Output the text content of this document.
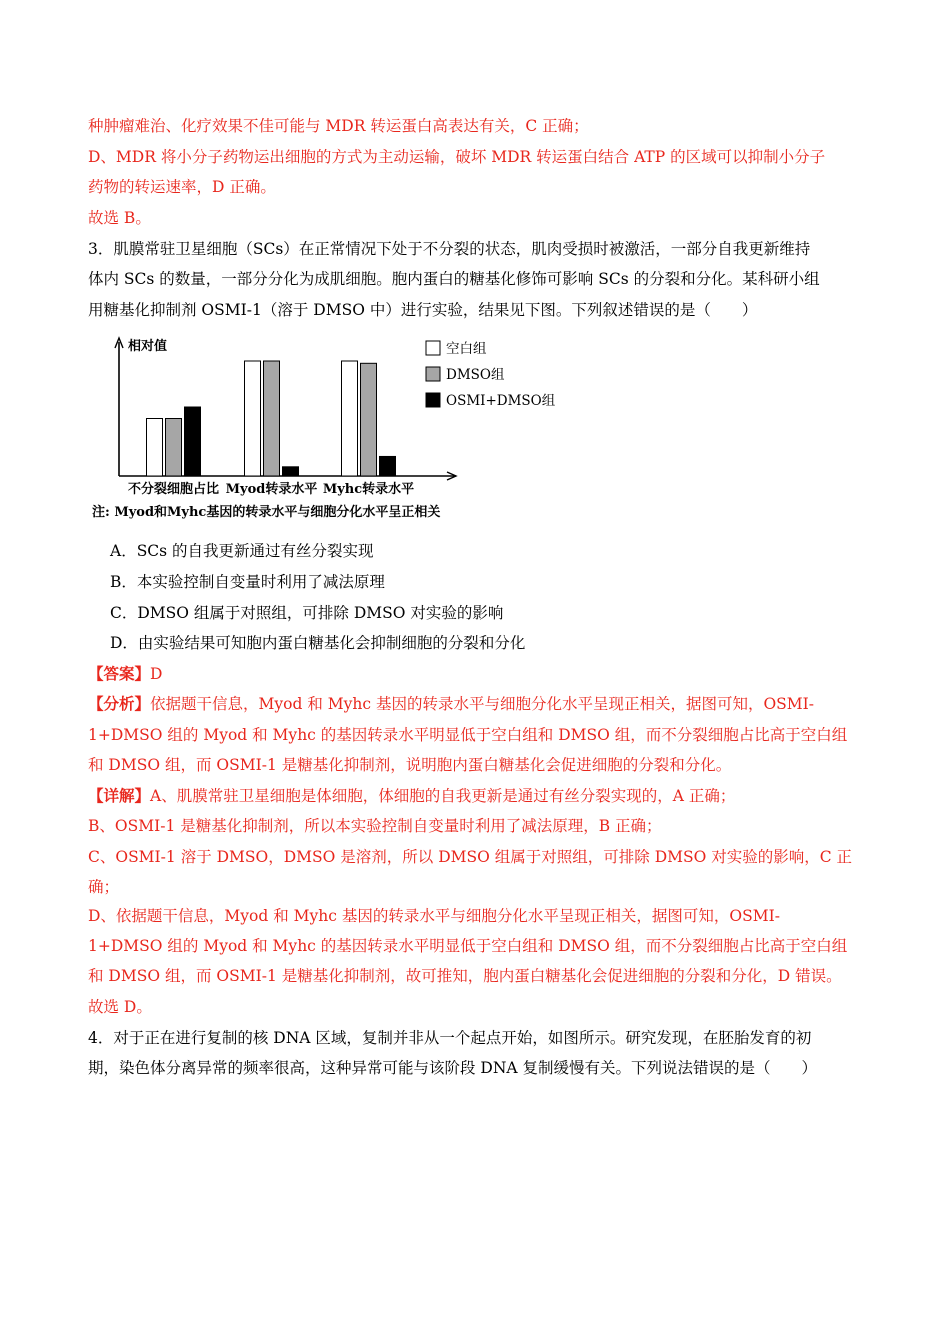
种肿瘤难治、化疗效果不佳可能与 MDR 转运蛋白高表达有关，C 正确；
D、MDR 将小分子药物运出细胞的方式为主动运输，破坏 MDR 转运蛋白结合 ATP 的区域可以抑制小分子
药物的转运速率，D 正确。
故选 B。
3．肌膜常驻卫星细胞（SCs）在正常情况下处于不分裂的状态，肌肉受损时被激活，一部分自我更新维持
体内 SCs 的数量，一部分分化为成肌细胞。胞内蛋白的糖基化修饰可影响 SCs 的分裂和分化。某科研小组
用糖基化抑制剂 OSMI-1（溶于 DMSO 中）进行实验，结果见下图。下列叙述错误的是（　　）
不分裂细胞占比 Myod转录水平 Myhc转录水平
空白组
DMSO组
OSMI+DMSO组
相对值
注: Myod和Myhc基因的转录水平与细胞分化水平呈正相关
A．SCs 的自我更新通过有丝分裂实现
B．本实验控制自变量时利用了减法原理
C．DMSO 组属于对照组，可排除 DMSO 对实验的影响
D．由实验结果可知胞内蛋白糖基化会抑制细胞的分裂和分化
【答案】D
【分析】依据题干信息，Myod 和 Myhc 基因的转录水平与细胞分化水平呈现正相关，据图可知，OSMI-
1+DMSO 组的 Myod 和 Myhc 的基因转录水平明显低于空白组和 DMSO 组，而不分裂细胞占比高于空白组
和 DMSO 组，而 OSMI-1 是糖基化抑制剂，说明胞内蛋白糖基化会促进细胞的分裂和分化。
【详解】A、肌膜常驻卫星细胞是体细胞，体细胞的自我更新是通过有丝分裂实现的，A 正确；
B、OSMI-1 是糖基化抑制剂，所以本实验控制自变量时利用了减法原理，B 正确；
C、OSMI-1 溶于 DMSO，DMSO 是溶剂，所以 DMSO 组属于对照组，可排除 DMSO 对实验的影响，C 正
确；
D、依据题干信息，Myod 和 Myhc 基因的转录水平与细胞分化水平呈现正相关，据图可知，OSMI-
1+DMSO 组的 Myod 和 Myhc 的基因转录水平明显低于空白组和 DMSO 组，而不分裂细胞占比高于空白组
和 DMSO 组，而 OSMI-1 是糖基化抑制剂，故可推知，胞内蛋白糖基化会促进细胞的分裂和分化，D 错误。
故选 D。
4．对于正在进行复制的核 DNA 区域，复制并非从一个起点开始，如图所示。研究发现，在胚胎发育的初
期，染色体分离异常的频率很高，这种异常可能与该阶段 DNA 复制缓慢有关。下列说法错误的是（　　）
